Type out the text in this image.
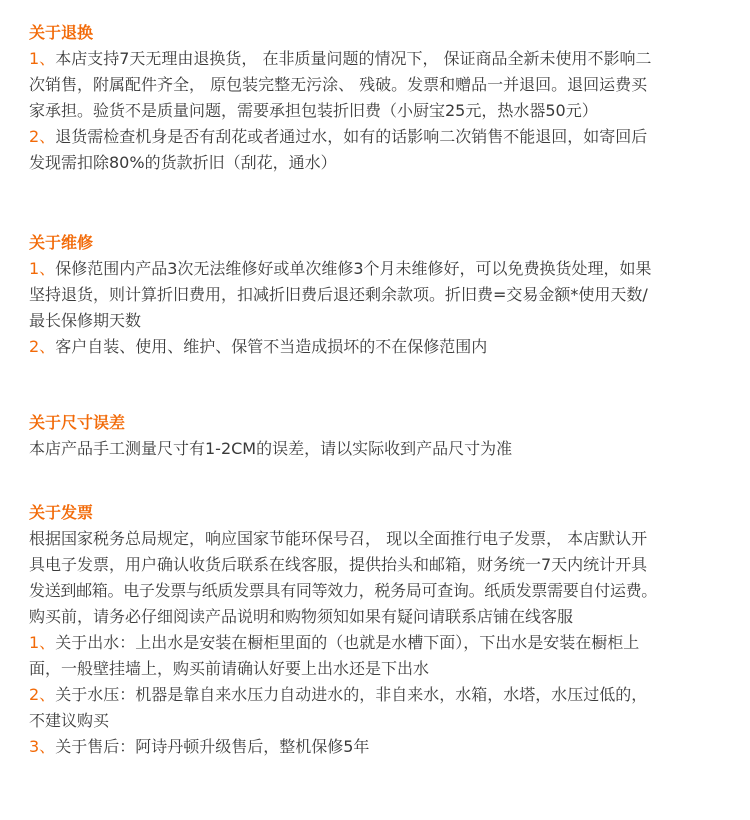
关于退换
1、本店支持7天无理由退换货， 在非质量问题的情况下， 保证商品全新未使用不影响二
次销售，附属配件齐全， 原包装完整无污涂、 残破。发票和赠品一并退回。退回运费买
家承担。验货不是质量问题，需要承担包装折旧费（小厨宝25元，热水器50元）
2、退货需检查机身是否有刮花或者通过水，如有的话影响二次销售不能退回，如寄回后
发现需扣除80%的货款折旧（刮花，通水）
关于维修
1、保修范围内产品3次无法维修好或单次维修3个月未维修好，可以免费换货处理，如果
坚持退货，则计算折旧费用，扣减折旧费后退还剩余款项。折旧费=交易金额*使用天数/
最长保修期天数
2、客户自装、使用、维护、保管不当造成损坏的不在保修范围内
关于尺寸误差
本店产品手工测量尺寸有1-2CM的误差，请以实际收到产品尺寸为准
关于发票
根据国家税务总局规定，响应国家节能环保号召， 现以全面推行电子发票， 本店默认开
具电子发票，用户确认收货后联系在线客服，提供抬头和邮箱，财务统一7天内统计开具
发送到邮箱。电子发票与纸质发票具有同等效力，税务局可查询。纸质发票需要自付运费。
购买前，请务必仔细阅读产品说明和购物须知如果有疑问请联系店铺在线客服
1、关于出水：上出水是安装在橱柜里面的（也就是水槽下面），下出水是安装在橱柜上
面，一般壁挂墙上，购买前请确认好要上出水还是下出水
2、关于水压：机器是靠自来水压力自动进水的，非自来水，水箱，水塔，水压过低的，
不建议购买
3、关于售后：阿诗丹顿升级售后，整机保修5年
